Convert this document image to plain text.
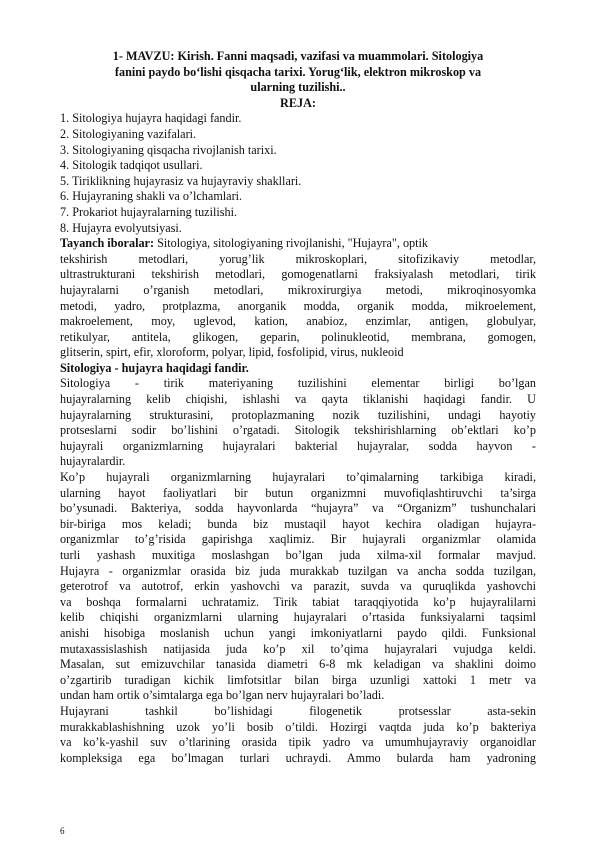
1- MAVZU: Kirish. Fanni maqsadi, vazifasi va muammolari. Sitologiya
fanini paydo bo‘lishi qisqacha tarixi. Yorug‘lik, elektron mikroskop va
ularning tuzilishi..
REJA:
1. Sitologiya hujayra haqidagi fandir.
2. Sitologiyaning vazifalari.
3. Sitologiyaning qisqacha rivojlanish tarixi.
4. Sitologik tadqiqot usullari.
5. Tiriklikning hujayrasiz va hujayraviy shakllari.
6. Hujayraning shakli va o’lchamlari.
7. Prokariot hujayralarning tuzilishi.
8. Hujayra evolyutsiyasi.
Tayanch iboralar: Sitologiya, sitologiyaning rivojlanishi, "Hujayra", optik
tekshirish metodlari, yorug’lik mikroskoplari, sitofizikaviy metodlar,
ultrastrukturani tekshirish metodlari, gomogenatlarni fraksiyalash metodlari, tirik
hujayralarni o’rganish metodlari, mikroxirurgiya metodi, mikroqinosyomka
metodi, yadro, protplazma, anorganik modda, organik modda, mikroelement,
makroelement, moy, uglevod, kation, anabioz, enzimlar, antigen, globulyar,
retikulyar, antitela, glikogen, geparin, polinukleotid, membrana, gomogen,
glitserin, spirt, efir, xloroform, polyar, lipid, fosfolipid, virus, nukleoid
Sitologiya - hujayra haqidagi fandir.
Sitologiya - tirik materiyaning tuzilishini elementar birligi bo’lgan
hujayralarning kelib chiqishi, ishlashi va qayta tiklanishi haqidagi fandir. U
hujayralarning strukturasini, protoplazmaning nozik tuzilishini, undagi hayotiy
protseslarni sodir bo’lishini o’rgatadi. Sitologik tekshirishlarning ob’ektlari ko’p
hujayrali organizmlarning hujayralari bakterial hujayralar, sodda hayvon -
hujayralardir.
Ko’p hujayrali organizmlarning hujayralari to’qimalarning tarkibiga kiradi,
ularning hayot faoliyatlari bir butun organizmni muvofiqlashtiruvchi ta’sirga
bo’ysunadi. Bakteriya, sodda hayvonlarda “hujayra” va “Organizm” tushunchalari
bir-biriga mos keladi; bunda biz mustaqil hayot kechira oladigan hujayra-
organizmlar to’g’risida gapirishga xaqlimiz. Bir hujayrali organizmlar olamida
turli yashash muxitiga moslashgan bo’lgan juda xilma-xil formalar mavjud.
Hujayra - organizmlar orasida biz juda murakkab tuzilgan va ancha sodda tuzilgan,
geterotrof va autotrof, erkin yashovchi va parazit, suvda va quruqlikda yashovchi
va boshqa formalarni uchratamiz. Tirik tabiat taraqqiyotida ko’p hujayralilarni
kelib chiqishi organizmlarni ularning hujayralari o’rtasida funksiyalarni taqsiml
anishi hisobiga moslanish uchun yangi imkoniyatlarni paydo qildi. Funksional
mutaxassislashish natijasida juda ko’p xil to’qima hujayralari vujudga keldi.
Masalan, sut emizuvchilar tanasida diametri 6-8 mk keladigan va shaklini doimo
o’zgartirib turadigan kichik limfotsitlar bilan birga uzunligi xattoki 1 metr va
undan ham ortik o’simtalarga ega bo’lgan nerv hujayralari bo’ladi.
Hujayrani tashkil bo’lishidagi filogenetik protsesslar asta-sekin
murakkablashishning uzok yo’li bosib o’tildi. Hozirgi vaqtda juda ko’p bakteriya
va ko’k-yashil suv o’tlarining orasida tipik yadro va umumhujayraviy organoidlar
kompleksiga ega bo’lmagan turlari uchraydi. Ammo bularda ham yadroning
6
